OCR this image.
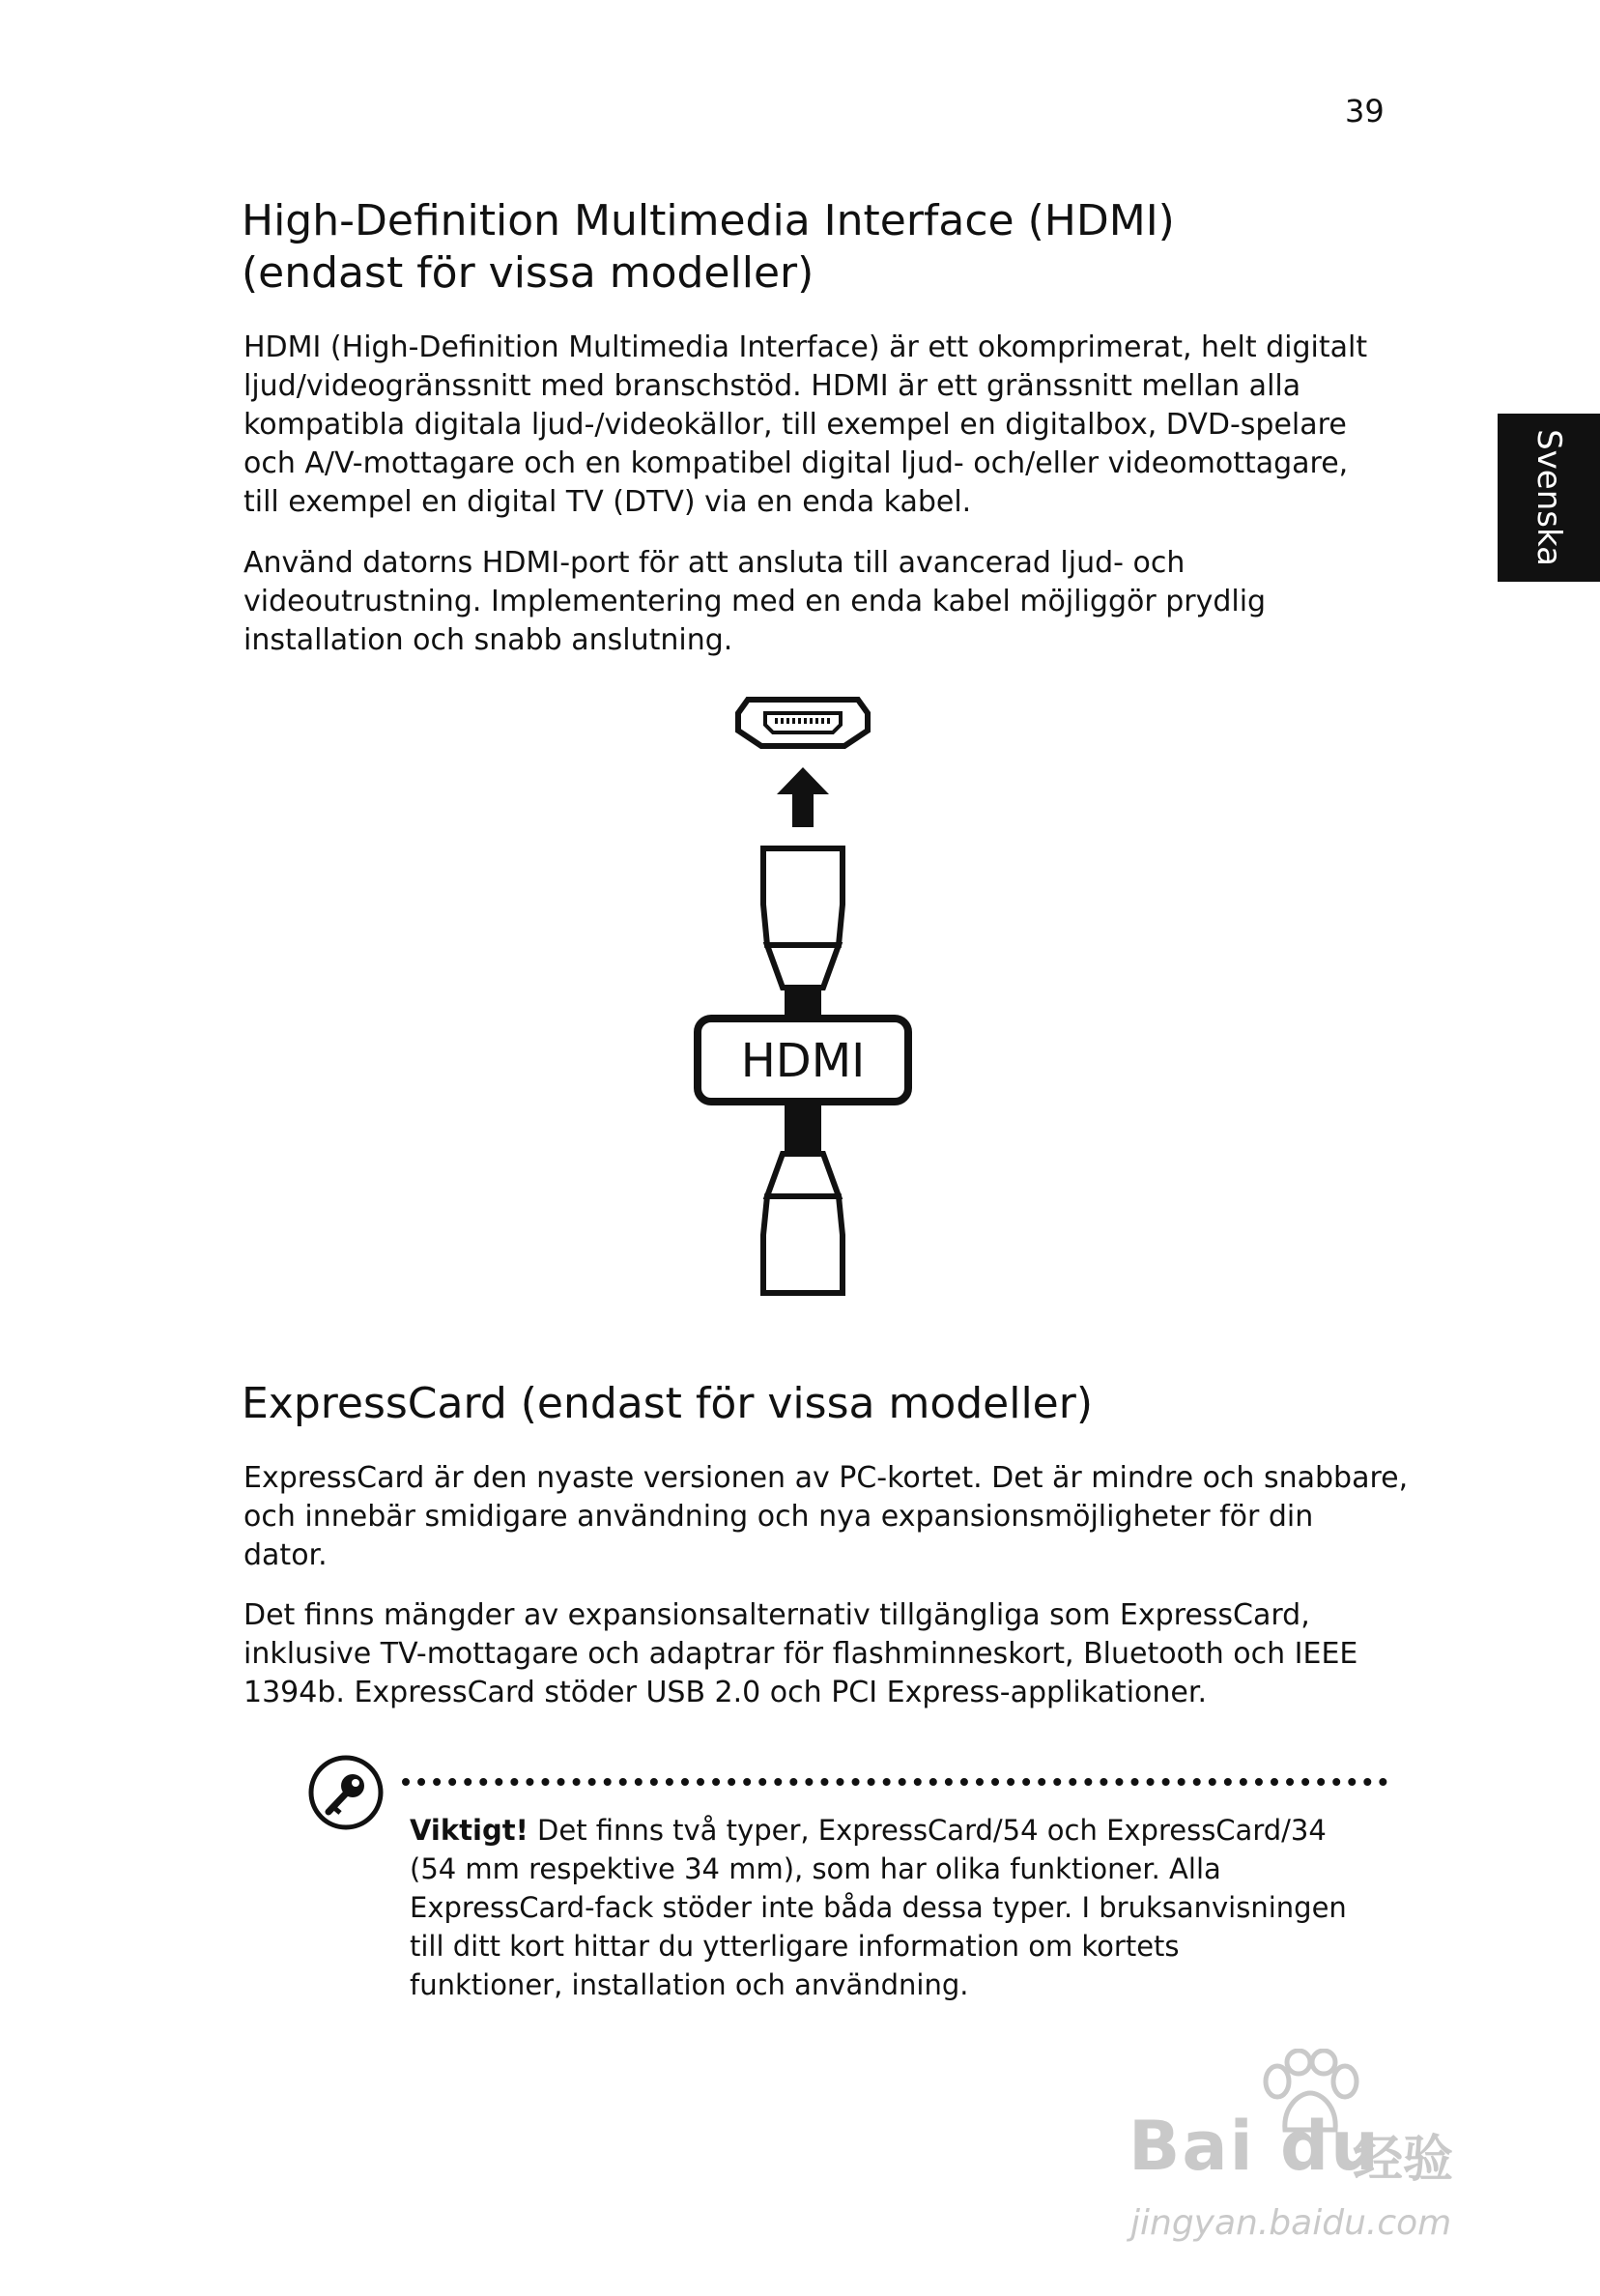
39
Svenska
High-Definition Multimedia Interface (HDMI)
(endast för vissa modeller)

HDMI (High-Definition Multimedia Interface) är ett okomprimerat, helt digitalt
ljud/videogränssnitt med branschstöd. HDMI är ett gränssnitt mellan alla
kompatibla digitala ljud-/videokällor, till exempel en digitalbox, DVD-spelare
och A/V-mottagare och en kompatibel digital ljud- och/eller videomottagare,
till exempel en digital TV (DTV) via en enda kabel.

Använd datorns HDMI-port för att ansluta till avancerad ljud- och
videoutrustning. Implementering med en enda kabel möjliggör prydlig
installation och snabb anslutning.

HDMI
ExpressCard (endast för vissa modeller)

ExpressCard är den nyaste versionen av PC-kortet. Det är mindre och snabbare,
och innebär smidigare användning och nya expansionsmöjligheter för din
dator.

Det finns mängder av expansionsalternativ tillgängliga som ExpressCard,
inklusive TV-mottagare och adaptrar för flashminneskort, Bluetooth och IEEE
1394b. ExpressCard stöder USB 2.0 och PCI Express-applikationer.

Viktigt! Det finns två typer, ExpressCard/54 och ExpressCard/34
(54 mm respektive 34 mm), som har olika funktioner. Alla
ExpressCard-fack stöder inte båda dessa typer. I bruksanvisningen
till ditt kort hittar du ytterligare information om kortets
funktioner, installation och användning.

Bai du
经验
jingyan.baidu.com
